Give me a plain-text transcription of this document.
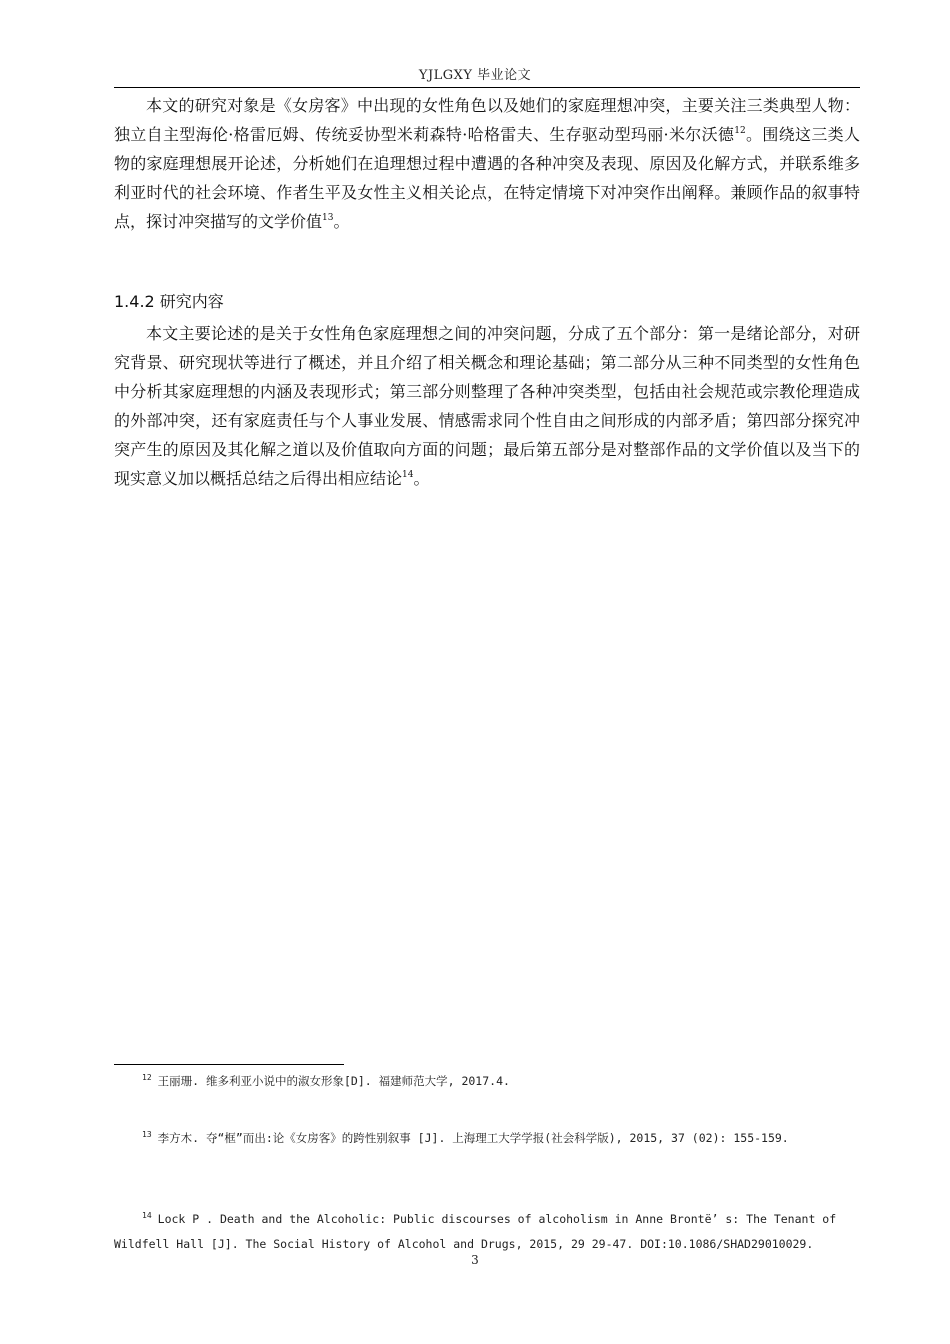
YJLGXY 毕业论文

本文的研究对象是《女房客》中出现的女性角色以及她们的家庭理想冲突，主要关注三类典型人物：独立自主型海伦·格雷厄姆、传统妥协型米莉森特·哈格雷夫、生存驱动型玛丽·米尔沃德$^{12}$。围绕这三类人物的家庭理想展开论述，分析她们在追理想过程中遭遇的各种冲突及表现、原因及化解方式，并联系维多利亚时代的社会环境、作者生平及女性主义相关论点，在特定情境下对冲突作出阐释。兼顾作品的叙事特点，探讨冲突描写的文学价值$^{13}$。

1.4.2 研究内容

本文主要论述的是关于女性角色家庭理想之间的冲突问题，分成了五个部分：第一是绪论部分，对研究背景、研究现状等进行了概述，并且介绍了相关概念和理论基础；第二部分从三种不同类型的女性角色中分析其家庭理想的内涵及表现形式；第三部分则整理了各种冲突类型，包括由社会规范或宗教伦理造成的外部冲突，还有家庭责任与个人事业发展、情感需求同个性自由之间形成的内部矛盾；第四部分探究冲突产生的原因及其化解之道以及价值取向方面的问题；最后第五部分是对整部作品的文学价值以及当下的现实意义加以概括总结之后得出相应结论$^{14}$。

$^{12}$ 王丽珊. 维多利亚小说中的淑女形象[D]. 福建师范大学, 2017.4.

$^{13}$ 李方木. 夺“框”而出:论《女房客》的跨性别叙事 [J]. 上海理工大学学报(社会科学版), 2015, 37 (02): 155-159.

$^{14}$ Lock P . Death and the Alcoholic: Public discourses of alcoholism in Anne Brontë’ s: The Tenant of Wildfell Hall [J]. The Social History of Alcohol and Drugs, 2015, 29 29-47. DOI:10.1086/SHAD29010029.

3
